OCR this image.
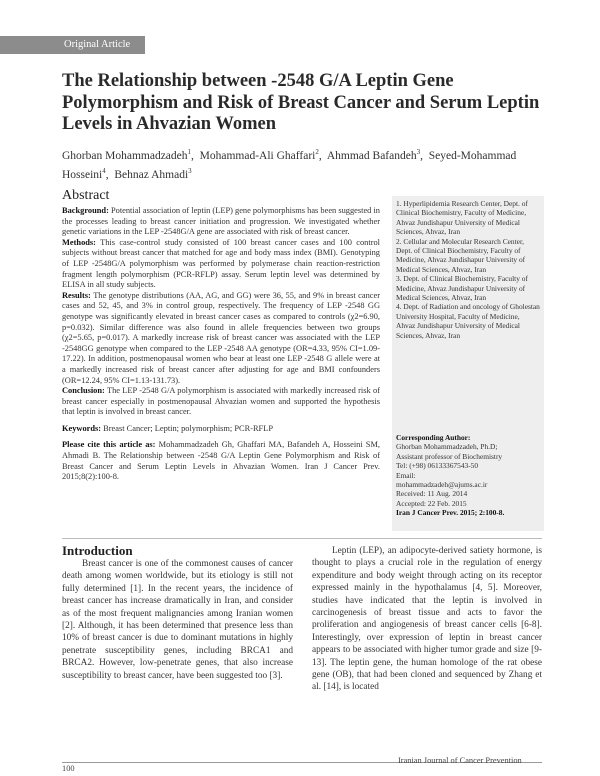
Original Article
The Relationship between -2548 G/A Leptin Gene Polymorphism and Risk of Breast Cancer and Serum Leptin Levels in Ahvazian Women
Ghorban Mohammadzadeh$^1$,  Mohammad-Ali Ghaffari$^2$,  Ahmmad Bafandeh$^3$,  Seyed-Mohammad Hosseini$^4$,  Behnaz Ahmadi$^3$
Abstract

Background: Potential association of leptin (LEP) gene polymorphisms has been suggested in the processes leading to breast cancer initiation and progression. We investigated whether genetic variations in the LEP -2548G/A gene are associated with risk of breast cancer.

Methods: This case-control study consisted of 100 breast cancer cases and 100 control subjects without breast cancer that matched for age and body mass index (BMI). Genotyping of LEP -2548G/A polymorphism was performed by polymerase chain reaction-restriction fragment length polymorphism (PCR-RFLP) assay. Serum leptin level was determined by ELISA in all study subjects.

Results: The genotype distributions (AA, AG, and GG) were 36, 55, and 9% in breast cancer cases and 52, 45, and 3% in control group, respectively. The frequency of LEP -2548 GG genotype was significantly elevated in breast cancer cases as compared to controls (χ2=6.90, p=0.032). Similar difference was also found in allele frequencies between two groups (χ2=5.65, p=0.017). A markedly increase risk of breast cancer was associated with the LEP -2548GG genotype when compared to the LEP -2548 AA genotype (OR=4.33, 95% CI=1.09-17.22). In addition, postmenopausal women who bear at least one LEP -2548 G allele were at a markedly increased risk of breast cancer after adjusting for age and BMI confounders (OR=12.24, 95% CI=1.13-131.73).

Conclusion: The LEP -2548 G/A polymorphism is associated with markedly increased risk of breast cancer especially in postmenopausal Ahvazian women and supported the hypothesis that leptin is involved in breast cancer.

Keywords: Breast Cancer; Leptin; polymorphism; PCR-RFLP

Please cite this article as: Mohammadzadeh Gh, Ghaffari MA, Bafandeh A, Hosseini SM, Ahmadi B. The Relationship between -2548 G/A Leptin Gene Polymorphism and Risk of Breast Cancer and Serum Leptin Levels in Ahvazian Women. Iran J Cancer Prev. 2015;8(2):100-8.

1. Hyperlipidemia Research Center, Dept. of Clinical Biochemistry, Faculty of Medicine, Ahvaz Jundishapur University of Medical Sciences, Ahvaz, Iran

2. Cellular and Molecular Research Center, Dept. of Clinical Biochemistry, Faculty of Medicine, Ahvaz Jundishapur University of Medical Sciences, Ahvaz, Iran

3. Dept. of Clinical Biochemistry, Faculty of Medicine, Ahvaz Jundishapur University of Medical Sciences, Ahvaz, Iran

4. Dept. of Radiation and oncology of Gholestan University Hospital, Faculty of Medicine, Ahvaz Jundishapur University of Medical Sciences, Ahvaz, Iran

Corresponding Author:

Ghorban Mohammadzadeh, Ph.D;

Assistant professor of Biochemistry

Tel: (+98) 06133367543-50

Email:

mohammadzadeh@ajums.ac.ir

Received: 11 Aug. 2014

Accepted: 22 Feb. 2015

Iran J Cancer Prev. 2015; 2:100-8.

Introduction

Breast cancer is one of the commonest causes of cancer death among women worldwide, but its etiology is still not fully determined [1]. In the recent years, the incidence of breast cancer has increase dramatically in Iran, and consider as of the most frequent malignancies among Iranian women [2]. Although, it has been determined that presence less than 10% of breast cancer is due to dominant mutations in highly penetrate susceptibility genes, including BRCA1 and BRCA2. However, low-penetrate genes, that also increase susceptibility to breast cancer, have been suggested too [3].

Leptin (LEP), an adipocyte-derived satiety hormone, is thought to plays a crucial role in the regulation of energy expenditure and body weight through acting on its receptor expressed mainly in the hypothalamus [4, 5]. Moreover, studies have indicated that the leptin is involved in carcinogenesis of breast tissue and acts to favor the proliferation and angiogenesis of breast cancer cells [6-8]. Interestingly, over expression of leptin in breast cancer appears to be associated with higher tumor grade and size [9-13]. The leptin gene, the human homologe of the rat obese gene (OB), that had been cloned and sequenced by Zhang et al. [14], is located

100
Iranian Journal of Cancer Prevention
